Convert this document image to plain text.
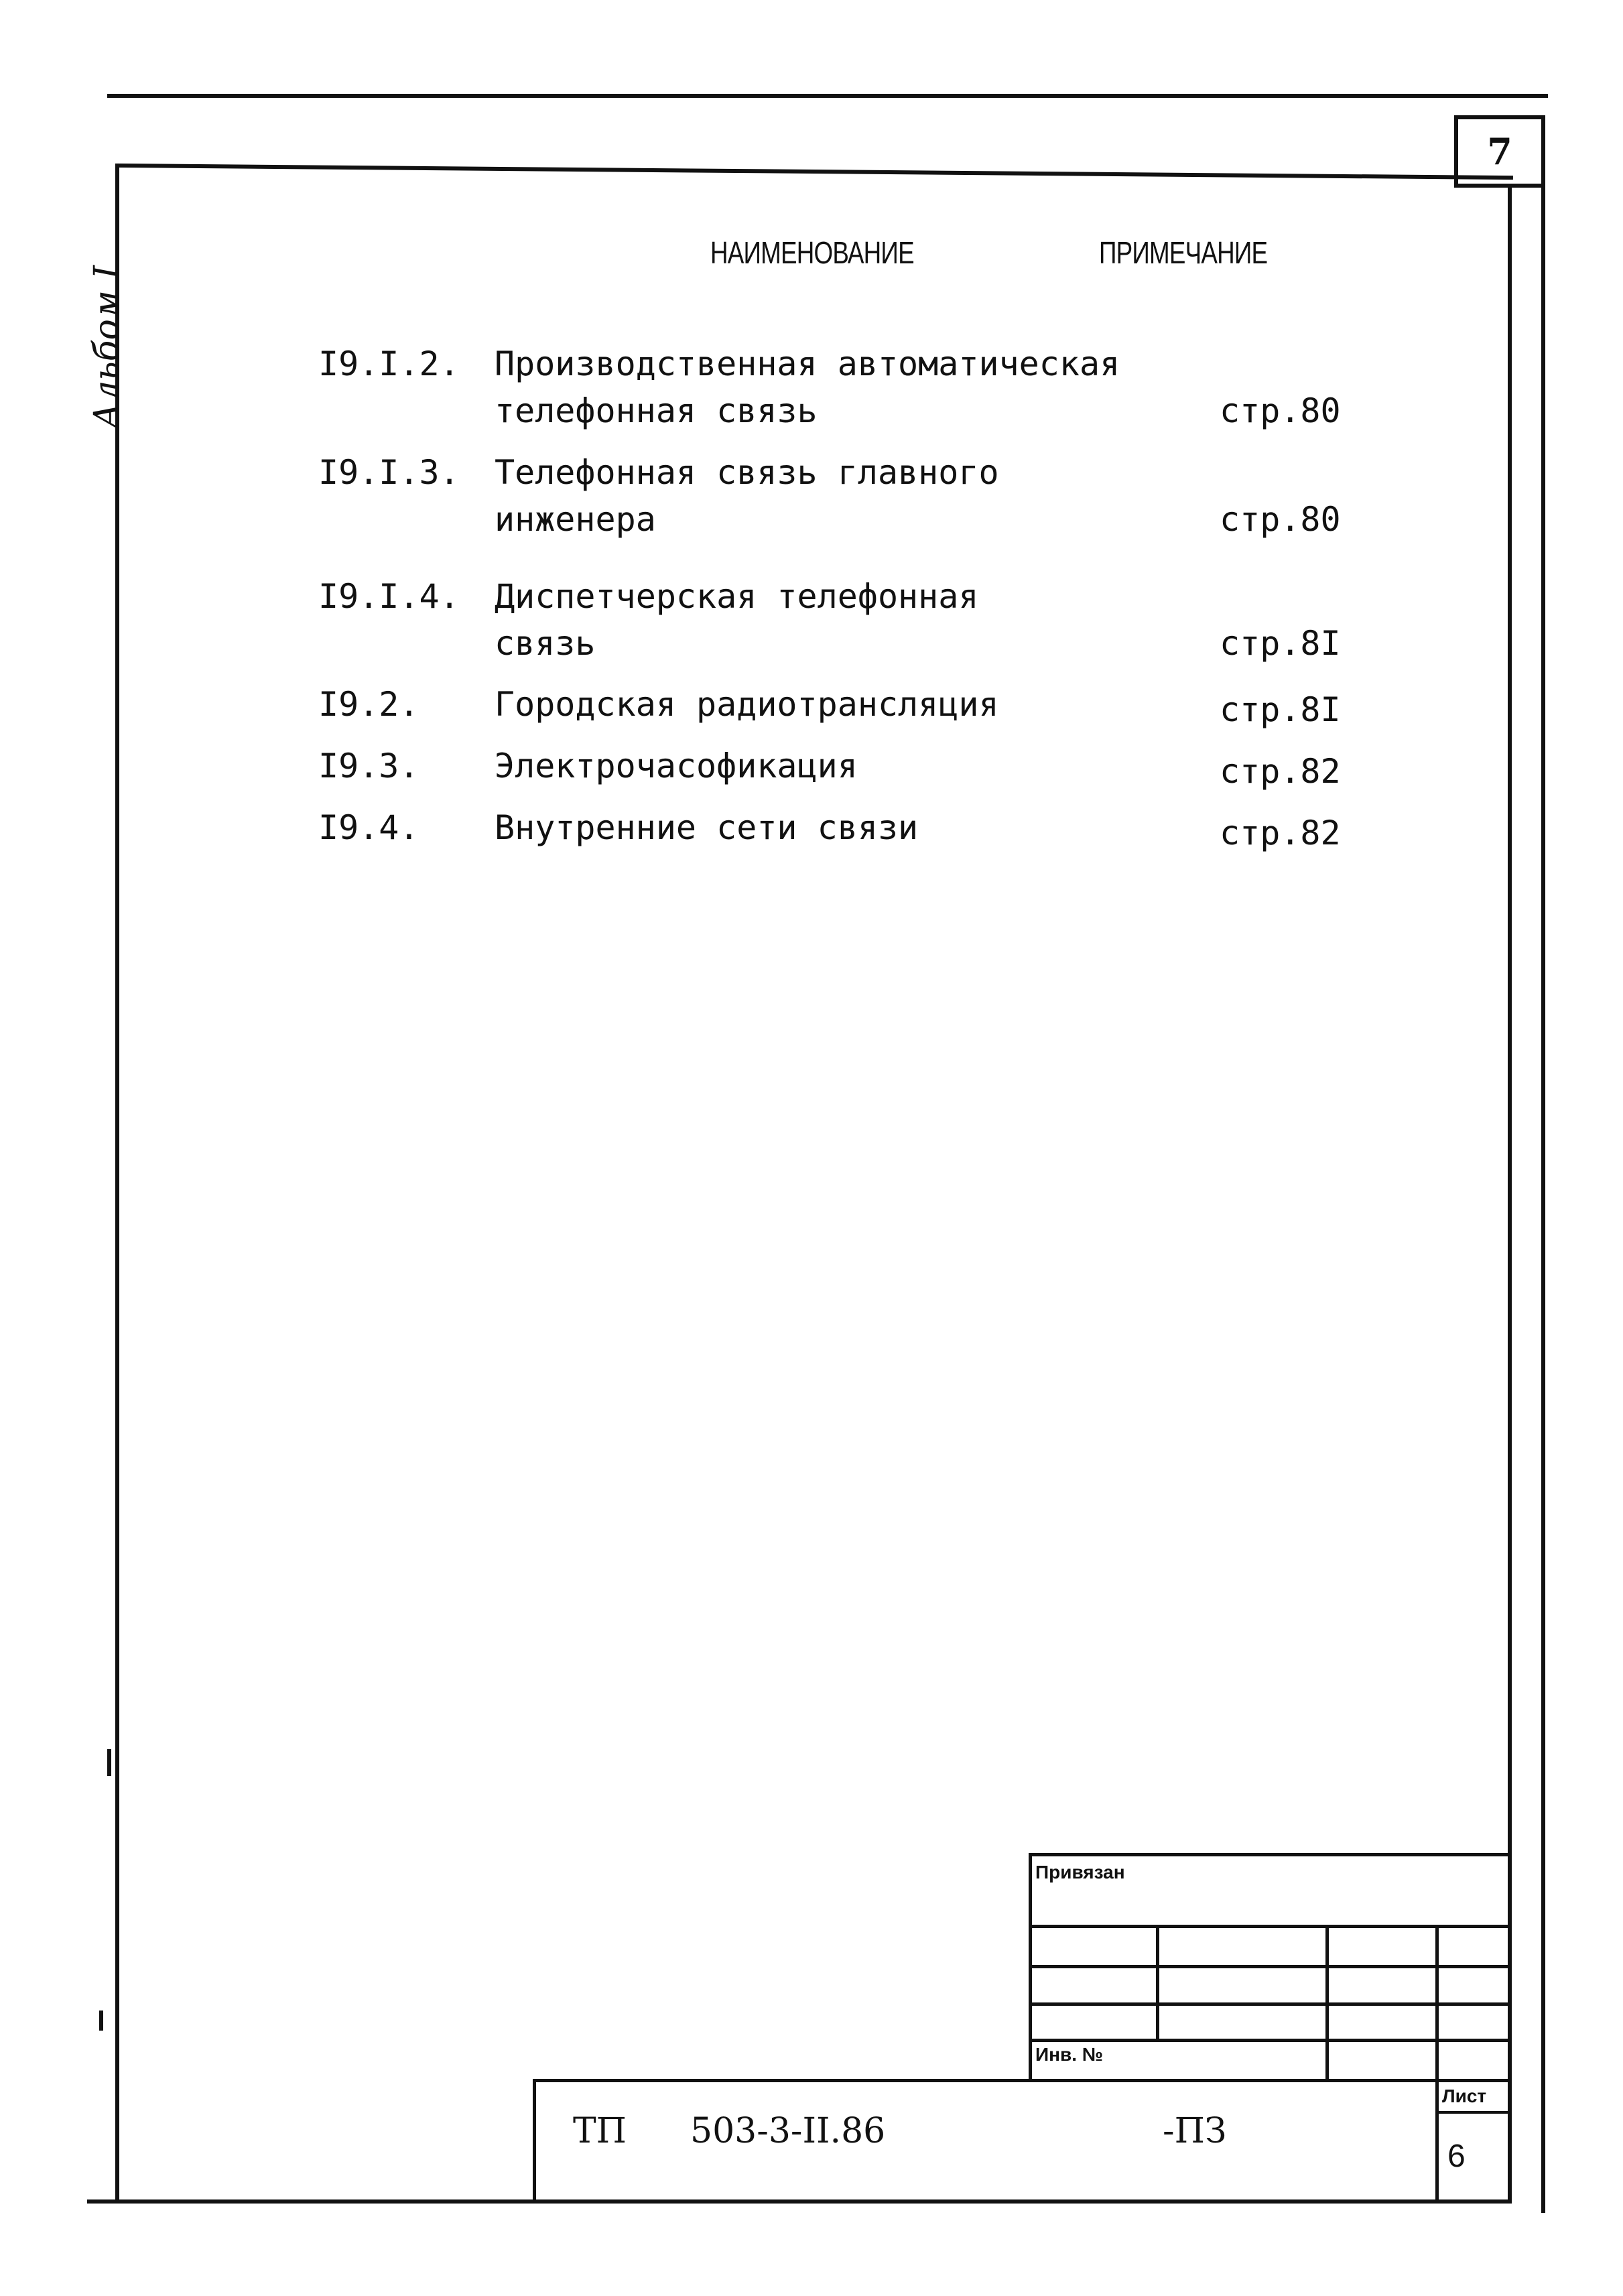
7
Альбом I
НАИМЕНОВАНИЕ	ПРИМЕЧАНИЕ
I9.I.2. Производственная автоматическая
телефонная связь	стр.80
I9.I.3. Телефонная связь главного
инженера	стр.80
I9.I.4. Диспетчерская телефонная
связь	стр.8I
I9.2. Городская радиотрансляция	стр.8I
I9.3. Электрочасофикация	стр.82
I9.4. Внутренние сети связи	стр.82
Привязан
Инв. №
Лист
6
ТП 503-3-II.86	-ПЗ
